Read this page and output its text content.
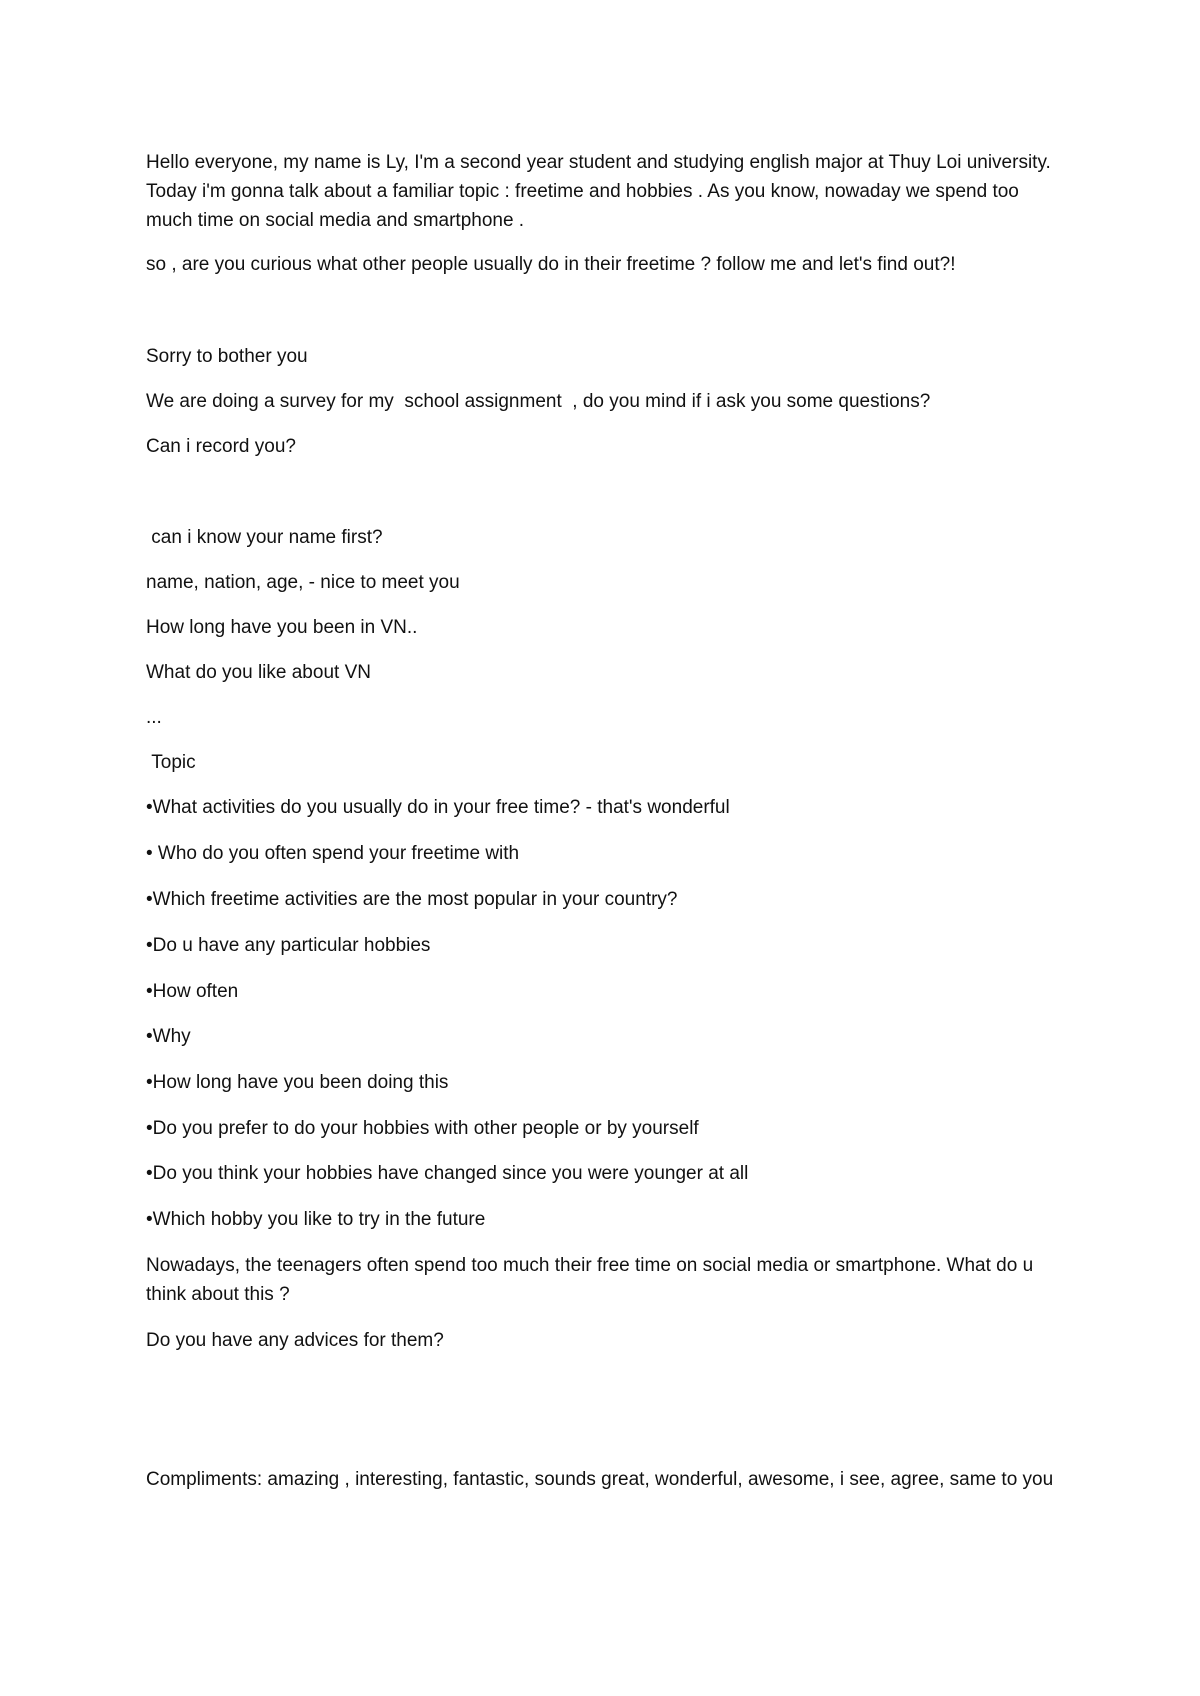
Hello everyone, my name is Ly, I'm a second year student and studying english major at Thuy Loi university. Today i'm gonna talk about a familiar topic : freetime and hobbies . As you know, nowaday we spend too much time on social media and smartphone .

so , are you curious what other people usually do in their freetime ? follow me and let's find out?!

Sorry to bother you

We are doing a survey for my  school assignment  , do you mind if i ask you some questions?

Can i record you?

can i know your name first?

name, nation, age, - nice to meet you

How long have you been in VN..

What do you like about VN

...

Topic

•What activities do you usually do in your free time? - that's wonderful

• Who do you often spend your freetime with

•Which freetime activities are the most popular in your country?

•Do u have any particular hobbies

•How often

•Why

•How long have you been doing this

•Do you prefer to do your hobbies with other people or by yourself

•Do you think your hobbies have changed since you were younger at all

•Which hobby you like to try in the future

Nowadays, the teenagers often spend too much their free time on social media or smartphone. What do u think about this ?

Do you have any advices for them?

Compliments: amazing , interesting, fantastic, sounds great, wonderful, awesome, i see, agree, same to you
